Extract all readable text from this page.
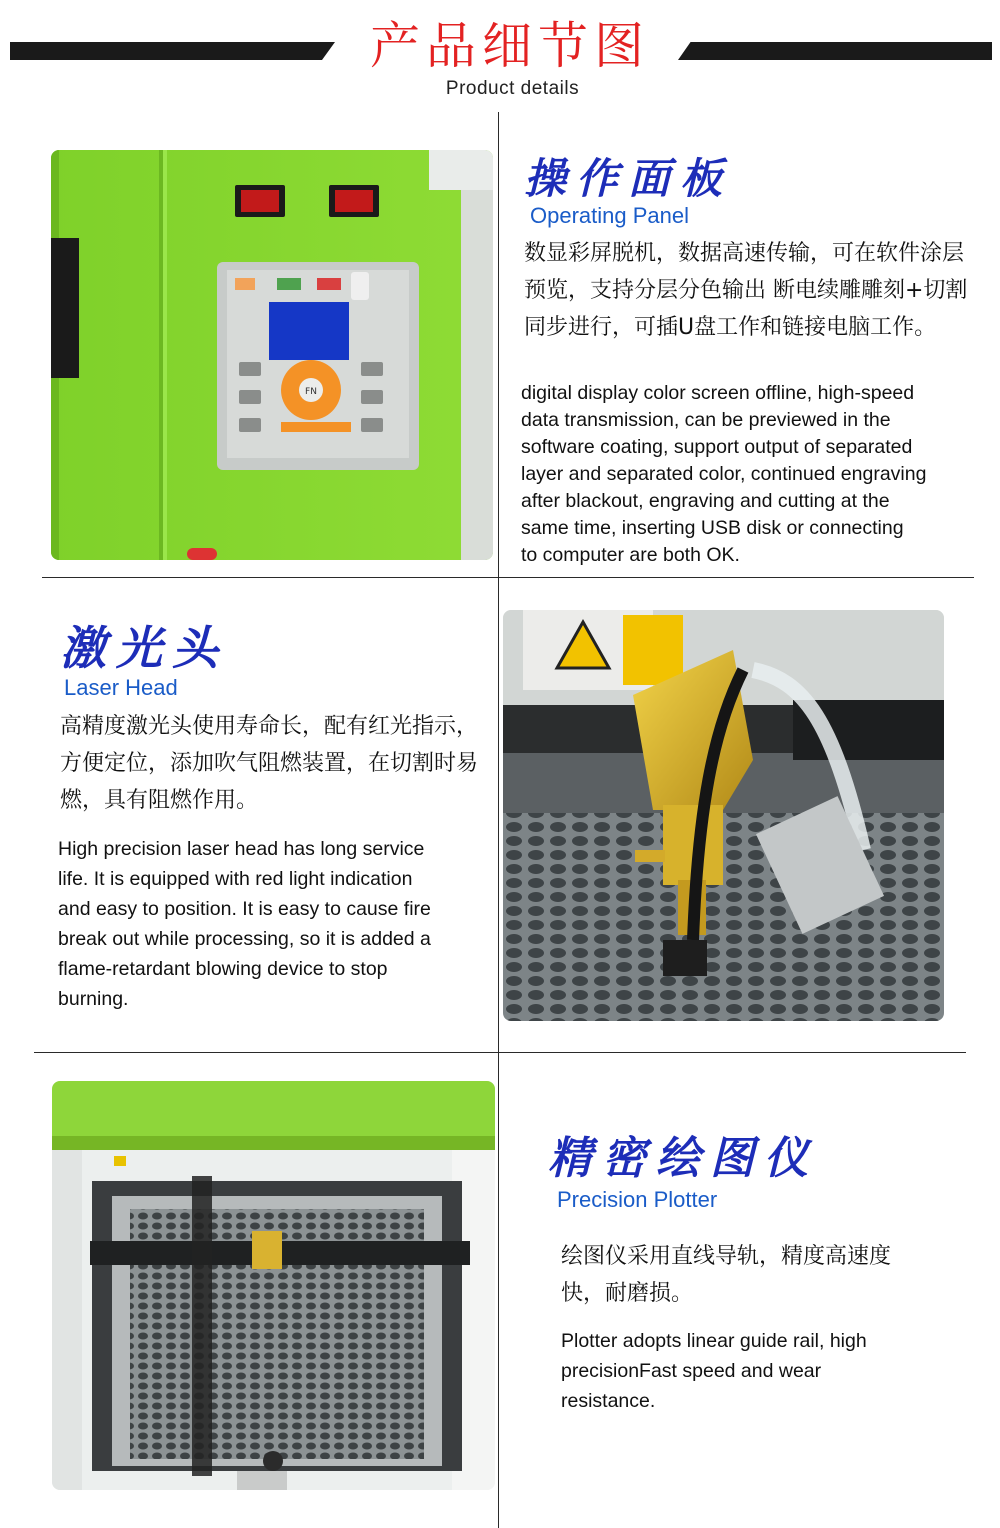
产品细节图
Product details
FN
操作面板
Operating Panel
数显彩屏脱机，数据高速传输，可在软件涂层预览，支持分层分色输出 断电续雕雕刻+切割同步进行，可插U盘工作和链接电脑工作。
digital display color screen offline, high-speed
data transmission, can be previewed in the
software coating, support output of separated
layer and separated color, continued engraving
after blackout, engraving and cutting at the
same time, inserting USB disk or connecting
to computer are both OK.
激光头
Laser Head
高精度激光头使用寿命长，配有红光指示，方便定位，添加吹气阻燃装置，在切割时易燃，具有阻燃作用。
High precision laser head has long service
life. It is equipped with red light indication
and easy to position. It is easy to cause fire
break out while processing, so it is added a
flame-retardant blowing device to stop
burning.
精密绘图仪
Precision Plotter
绘图仪采用直线导轨，精度高速度快，耐磨损。
Plotter adopts linear guide rail, high
precisionFast speed and wear
resistance.
